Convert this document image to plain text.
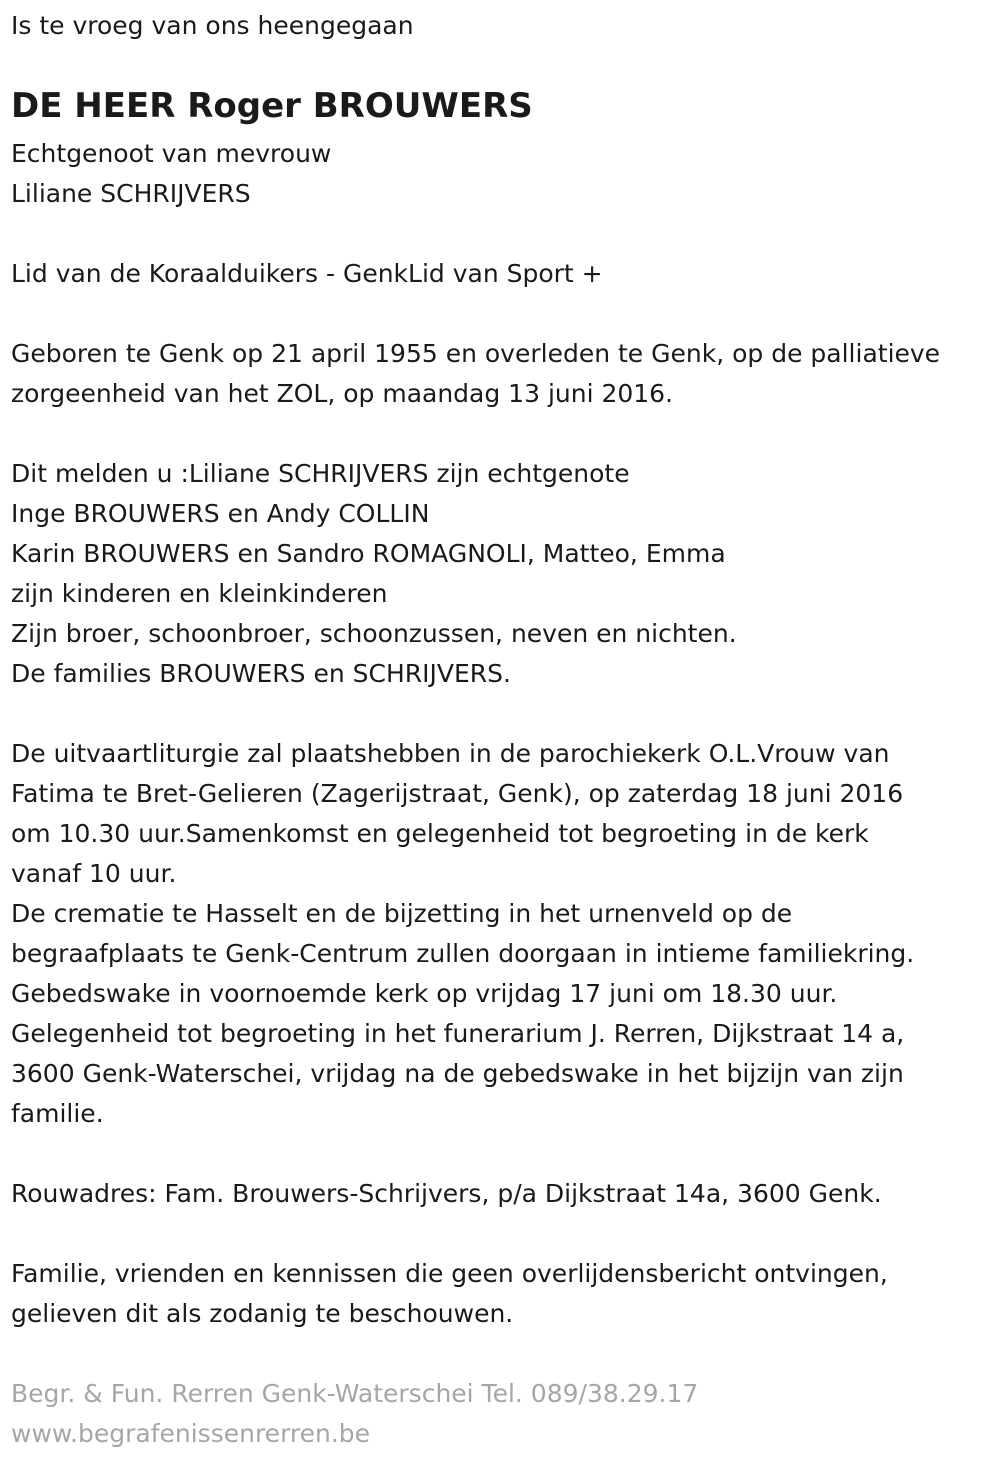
Is te vroeg van ons heengegaan

DE HEER Roger BROUWERS

Echtgenoot van mevrouw

Liliane SCHRIJVERS

Lid van de Koraalduikers - GenkLid van Sport +

Geboren te Genk op 21 april 1955 en overleden te Genk, op de palliatieve

zorgeenheid van het ZOL, op maandag 13 juni 2016.

Dit melden u :Liliane SCHRIJVERS zijn echtgenote

Inge BROUWERS en Andy COLLIN

Karin BROUWERS en Sandro ROMAGNOLI, Matteo, Emma

zijn kinderen en kleinkinderen

Zijn broer, schoonbroer, schoonzussen, neven en nichten.

De families BROUWERS en SCHRIJVERS.

De uitvaartliturgie zal plaatshebben in de parochiekerk O.L.Vrouw van

Fatima te Bret-Gelieren (Zagerijstraat, Genk), op zaterdag 18 juni 2016

om 10.30 uur.Samenkomst en gelegenheid tot begroeting in de kerk

vanaf 10 uur.

De crematie te Hasselt en de bijzetting in het urnenveld op de

begraafplaats te Genk-Centrum zullen doorgaan in intieme familiekring.

Gebedswake in voornoemde kerk op vrijdag 17 juni om 18.30 uur.

Gelegenheid tot begroeting in het funerarium J. Rerren, Dijkstraat 14 a,

3600 Genk-Waterschei, vrijdag na de gebedswake in het bijzijn van zijn

familie.

Rouwadres: Fam. Brouwers-Schrijvers, p/a Dijkstraat 14a, 3600 Genk.

Familie, vrienden en kennissen die geen overlijdensbericht ontvingen,

gelieven dit als zodanig te beschouwen.

Begr. & Fun. Rerren Genk-Waterschei Tel. 089/38.29.17

www.begrafenissenrerren.be
